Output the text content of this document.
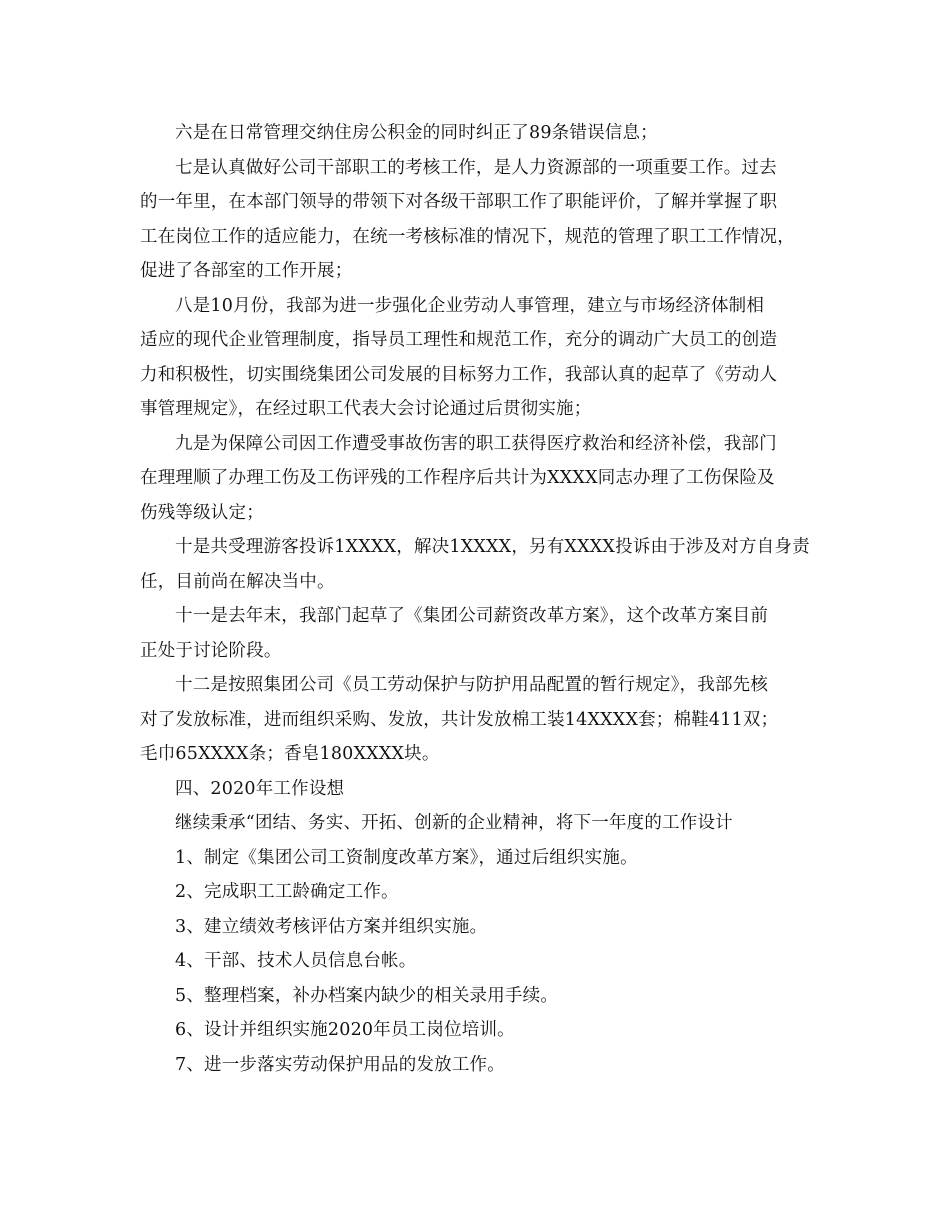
六是在日常管理交纳住房公积金的同时纠正了89条错误信息；
七是认真做好公司干部职工的考核工作，是人力资源部的一项重要工作。过去
的一年里，在本部门领导的带领下对各级干部职工作了职能评价，了解并掌握了职
工在岗位工作的适应能力，在统一考核标准的情况下，规范的管理了职工工作情况，
促进了各部室的工作开展；
八是10月份，我部为进一步强化企业劳动人事管理，建立与市场经济体制相
适应的现代企业管理制度，指导员工理性和规范工作，充分的调动广大员工的创造
力和积极性，切实围绕集团公司发展的目标努力工作，我部认真的起草了《劳动人
事管理规定》，在经过职工代表大会讨论通过后贯彻实施；
九是为保障公司因工作遭受事故伤害的职工获得医疗救治和经济补偿，我部门
在理理顺了办理工伤及工伤评残的工作程序后共计为XXXX同志办理了工伤保险及
伤残等级认定；
十是共受理游客投诉1XXXX，解决1XXXX，另有XXXX投诉由于涉及对方自身责
任，目前尚在解决当中。
十一是去年末，我部门起草了《集团公司薪资改革方案》，这个改革方案目前
正处于讨论阶段。
十二是按照集团公司《员工劳动保护与防护用品配置的暂行规定》，我部先核
对了发放标准，进而组织采购、发放，共计发放棉工装14XXXX套；棉鞋411双；
毛巾65XXXX条；香皂180XXXX块。
四、2020年工作设想
继续秉承“团结、务实、开拓、创新的企业精神，将下一年度的工作设计
1、制定《集团公司工资制度改革方案》，通过后组织实施。
2、完成职工工龄确定工作。
3、建立绩效考核评估方案并组织实施。
4、干部、技术人员信息台帐。
5、整理档案，补办档案内缺少的相关录用手续。
6、设计并组织实施2020年员工岗位培训。
7、进一步落实劳动保护用品的发放工作。
